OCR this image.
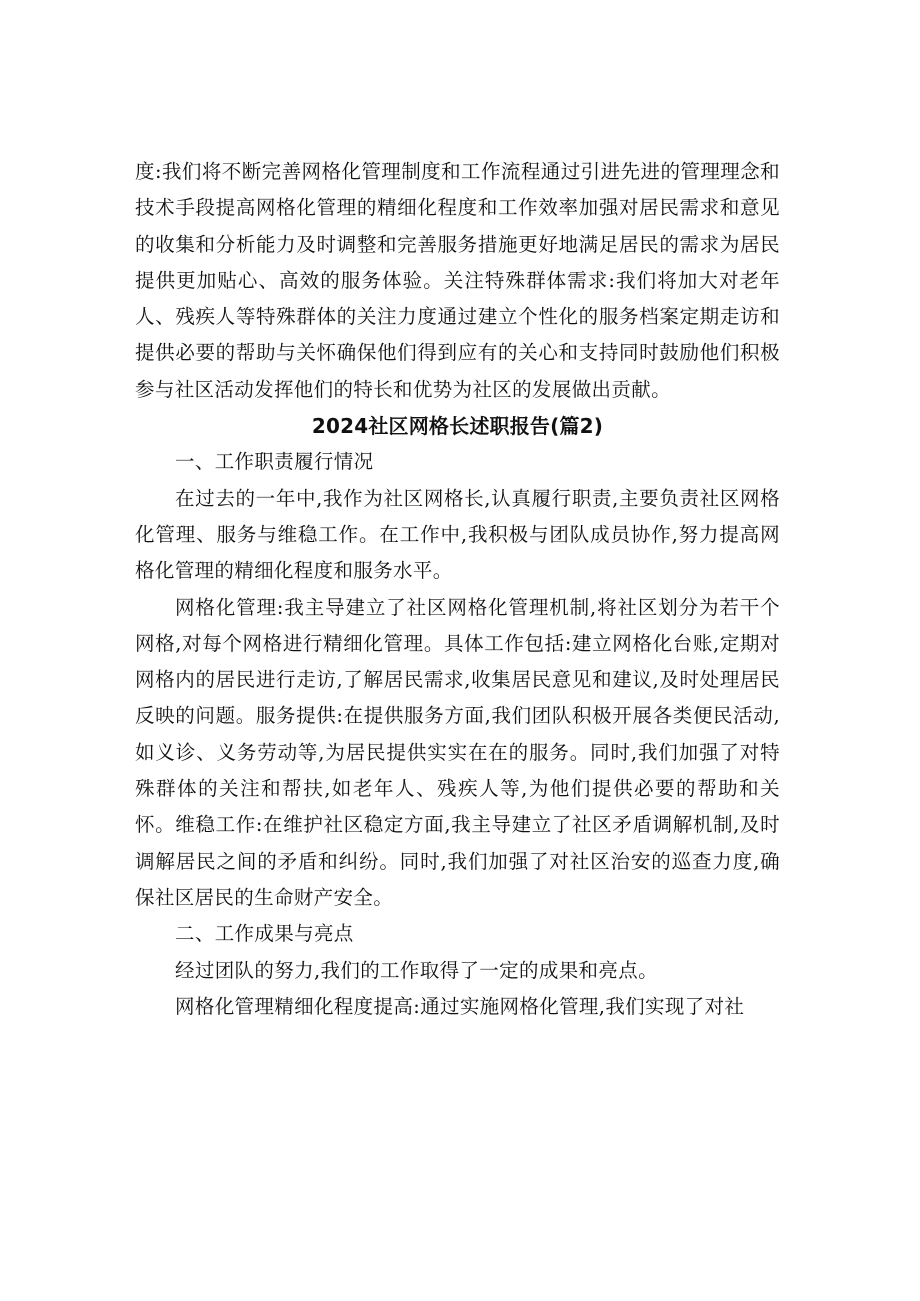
度:我们将不断完善网格化管理制度和工作流程通过引进先进的管理理念和技术手段提高网格化管理的精细化程度和工作效率加强对居民需求和意见的收集和分析能力及时调整和完善服务措施更好地满足居民的需求为居民提供更加贴心、高效的服务体验。关注特殊群体需求:我们将加大对老年人、残疾人等特殊群体的关注力度通过建立个性化的服务档案定期走访和提供必要的帮助与关怀确保他们得到应有的关心和支持同时鼓励他们积极参与社区活动发挥他们的特长和优势为社区的发展做出贡献。

2024社区网格长述职报告(篇2)

一、工作职责履行情况

在过去的一年中,我作为社区网格长,认真履行职责,主要负责社区网格化管理、服务与维稳工作。在工作中,我积极与团队成员协作,努力提高网格化管理的精细化程度和服务水平。

网格化管理:我主导建立了社区网格化管理机制,将社区划分为若干个网格,对每个网格进行精细化管理。具体工作包括:建立网格化台账,定期对网格内的居民进行走访,了解居民需求,收集居民意见和建议,及时处理居民反映的问题。服务提供:在提供服务方面,我们团队积极开展各类便民活动,如义诊、义务劳动等,为居民提供实实在在的服务。同时,我们加强了对特殊群体的关注和帮扶,如老年人、残疾人等,为他们提供必要的帮助和关怀。维稳工作:在维护社区稳定方面,我主导建立了社区矛盾调解机制,及时调解居民之间的矛盾和纠纷。同时,我们加强了对社区治安的巡查力度,确保社区居民的生命财产安全。

二、工作成果与亮点

经过团队的努力,我们的工作取得了一定的成果和亮点。

网格化管理精细化程度提高:通过实施网格化管理,我们实现了对社
